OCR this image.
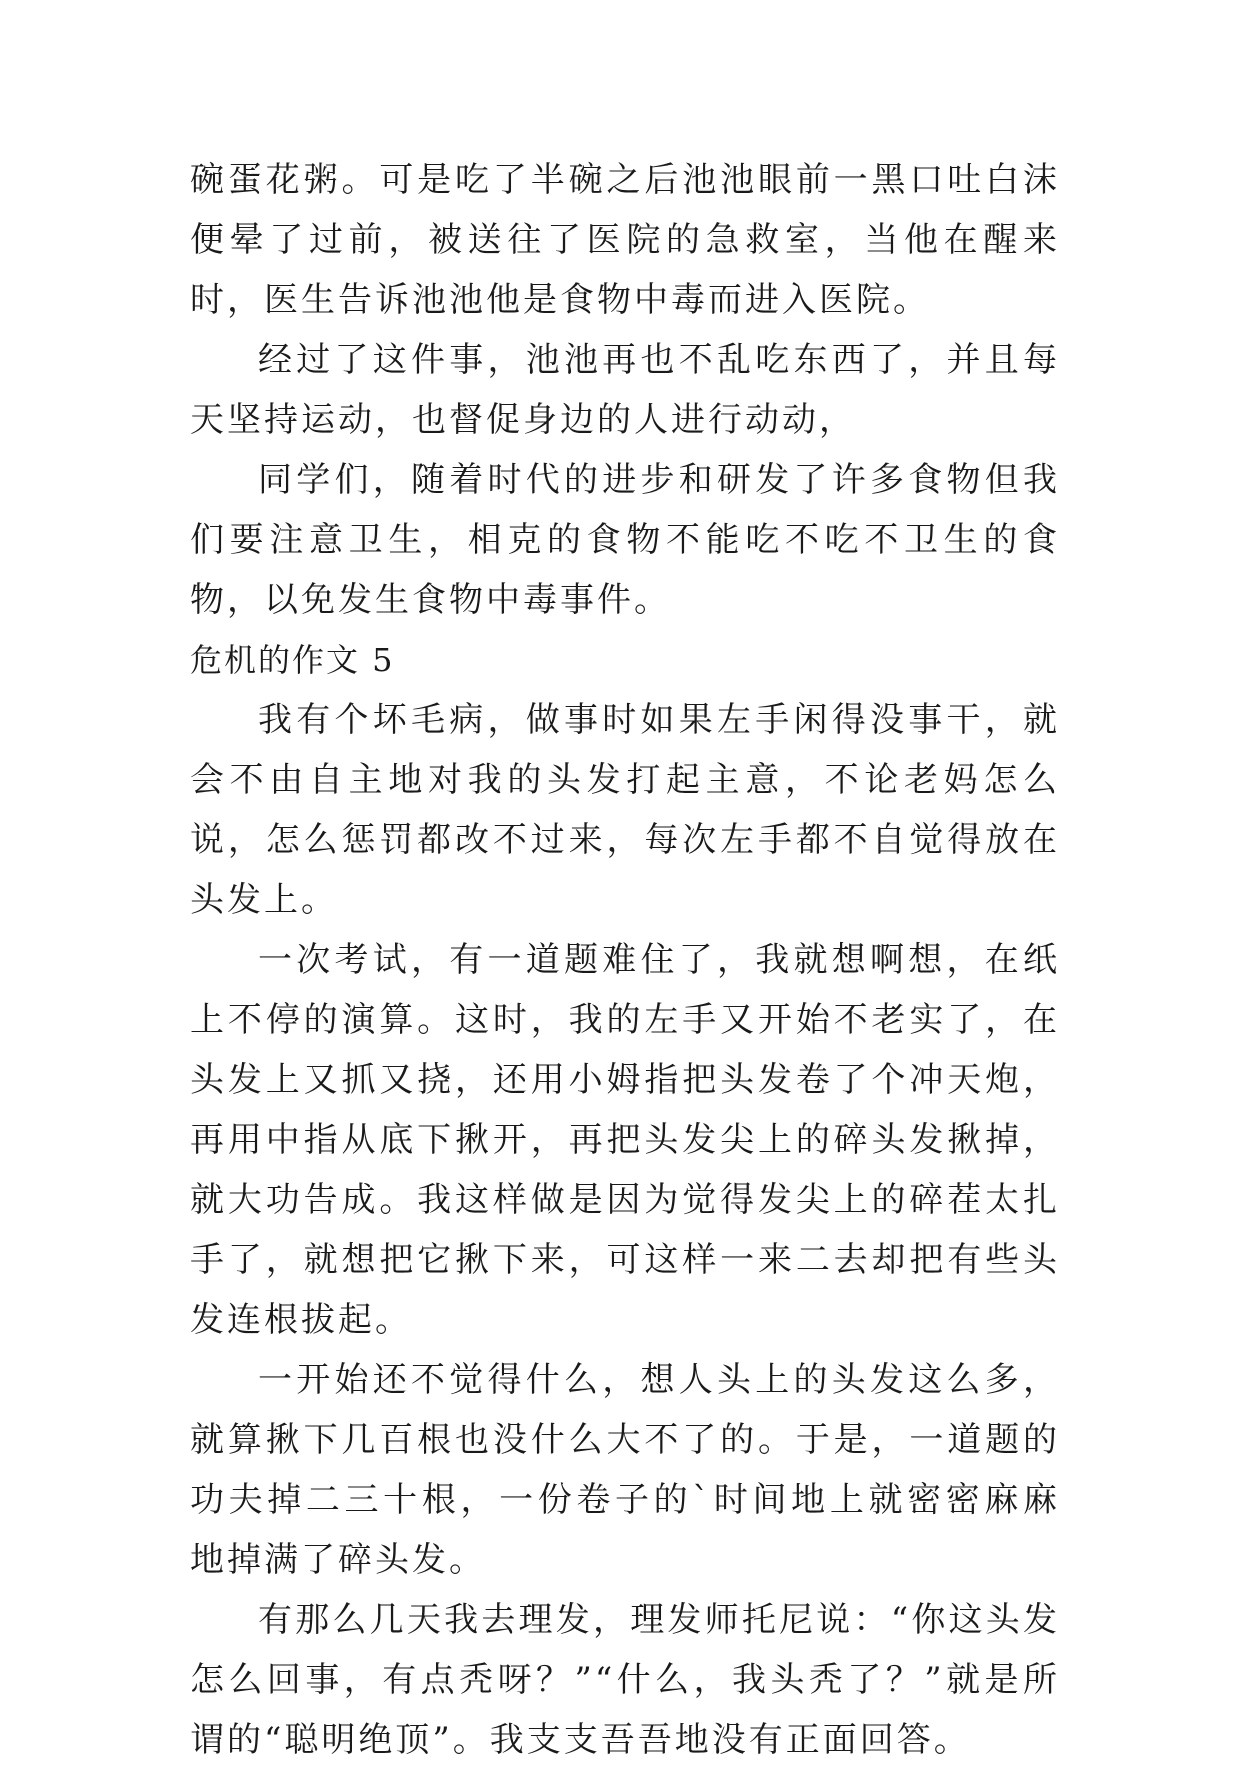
碗蛋花粥。可是吃了半碗之后池池眼前一黑口吐白沫便晕了过前，被送往了医院的急救室，当他在醒来时，医生告诉池池他是食物中毒而进入医院。

经过了这件事，池池再也不乱吃东西了，并且每天坚持运动，也督促身边的人进行动动，

同学们，随着时代的进步和研发了许多食物但我们要注意卫生，相克的食物不能吃不吃不卫生的食物，以免发生食物中毒事件。

危机的作文 5

我有个坏毛病，做事时如果左手闲得没事干，就会不由自主地对我的头发打起主意，不论老妈怎么说，怎么惩罚都改不过来，每次左手都不自觉得放在头发上。

一次考试，有一道题难住了，我就想啊想，在纸上不停的演算。这时，我的左手又开始不老实了，在头发上又抓又挠，还用小姆指把头发卷了个冲天炮，再用中指从底下揪开，再把头发尖上的碎头发揪掉，就大功告成。我这样做是因为觉得发尖上的碎茬太扎手了，就想把它揪下来，可这样一来二去却把有些头发连根拔起。

一开始还不觉得什么，想人头上的头发这么多，就算揪下几百根也没什么大不了的。于是，一道题的功夫掉二三十根，一份卷子的`时间地上就密密麻麻地掉满了碎头发。

有那么几天我去理发，理发师托尼说：“你这头发怎么回事，有点秃呀？”“什么，我头秃了？”就是所谓的“聪明绝顶”。我支支吾吾地没有正面回答。
